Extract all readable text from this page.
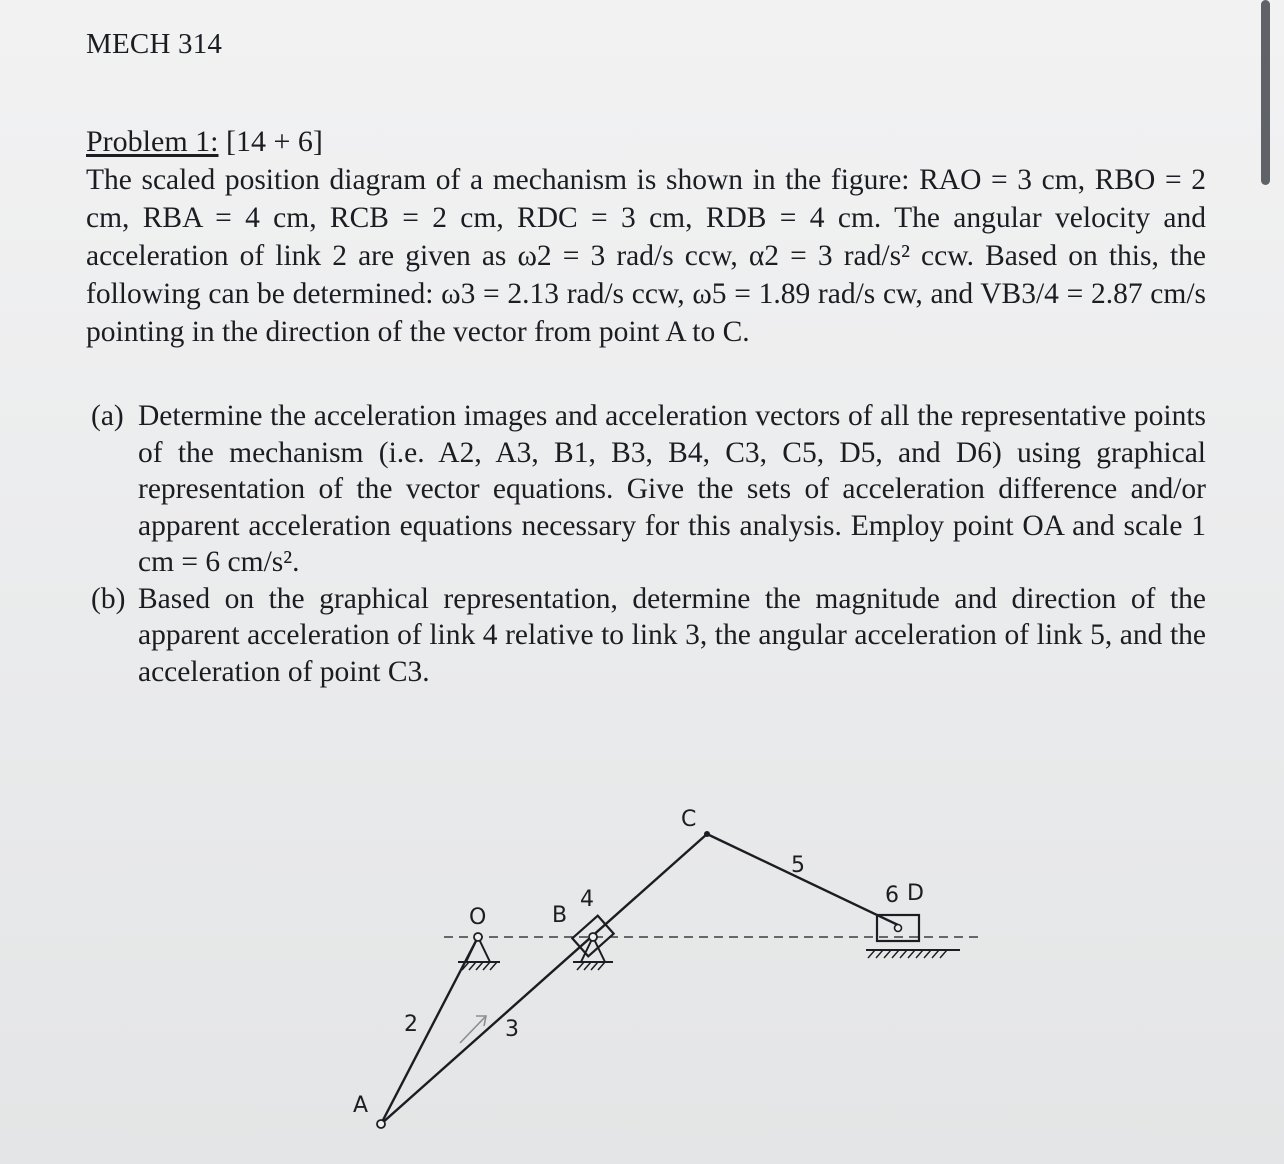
MECH 314
Problem 1: [14 + 6]
The scaled position diagram of a mechanism is shown in the figure: RAO = 3 cm, RBO = 2 cm, RBA = 4 cm, RCB = 2 cm, RDC = 3 cm, RDB = 4 cm. The angular velocity and acceleration of link 2 are given as ω2 = 3 rad/s ccw, α2 = 3 rad/s² ccw. Based on this, the following can be determined: ω3 = 2.13 rad/s ccw, ω5 = 1.89 rad/s cw, and VB3/4 = 2.87 cm/s pointing in the direction of the vector from point A to C.
(a) Determine the acceleration images and acceleration vectors of all the representative points of the mechanism (i.e. A2, A3, B1, B3, B4, C3, C5, D5, and D6) using graphical representation of the vector equations. Give the sets of acceleration difference and/or apparent acceleration equations necessary for this analysis. Employ point OA and scale 1 cm = 6 cm/s².
(b) Based on the graphical representation, determine the magnitude and direction of the apparent acceleration of link 4 relative to link 3, the angular acceleration of link 5, and the acceleration of point C3.
C
O	B
D
A
2	3
4
5
6
